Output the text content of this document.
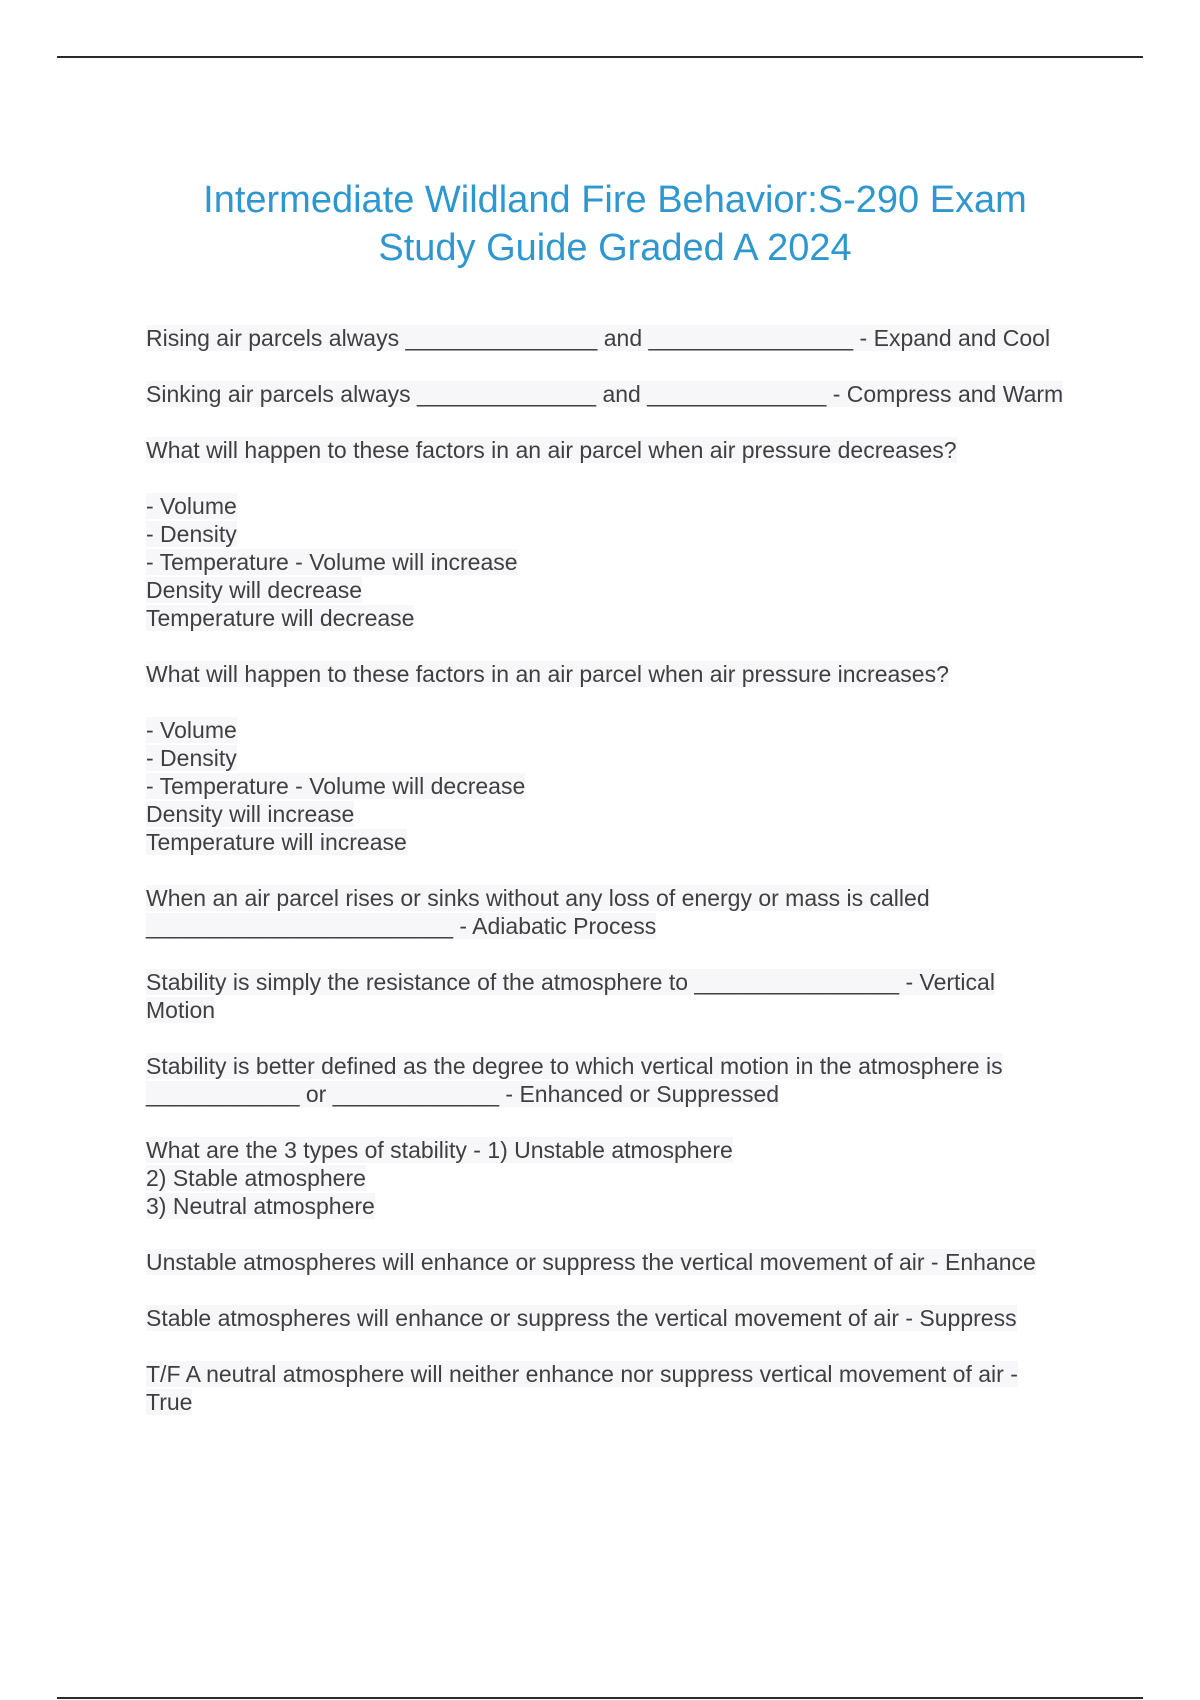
Intermediate Wildland Fire Behavior:S-290 Exam
Study Guide Graded A 2024

Rising air parcels always _______________ and ________________ - Expand and Cool

Sinking air parcels always ______________ and ______________ - Compress and Warm

What will happen to these factors in an air parcel when air pressure decreases?

- Volume
- Density
- Temperature - Volume will increase
Density will decrease
Temperature will decrease

What will happen to these factors in an air parcel when air pressure increases?

- Volume
- Density
- Temperature - Volume will decrease
Density will increase
Temperature will increase

When an air parcel rises or sinks without any loss of energy or mass is called
________________________ - Adiabatic Process

Stability is simply the resistance of the atmosphere to ________________ - Vertical
Motion

Stability is better defined as the degree to which vertical motion in the atmosphere is
____________ or _____________ - Enhanced or Suppressed

What are the 3 types of stability - 1) Unstable atmosphere
2) Stable atmosphere
3) Neutral atmosphere

Unstable atmospheres will enhance or suppress the vertical movement of air - Enhance

Stable atmospheres will enhance or suppress the vertical movement of air - Suppress

T/F A neutral atmosphere will neither enhance nor suppress vertical movement of air -
True
